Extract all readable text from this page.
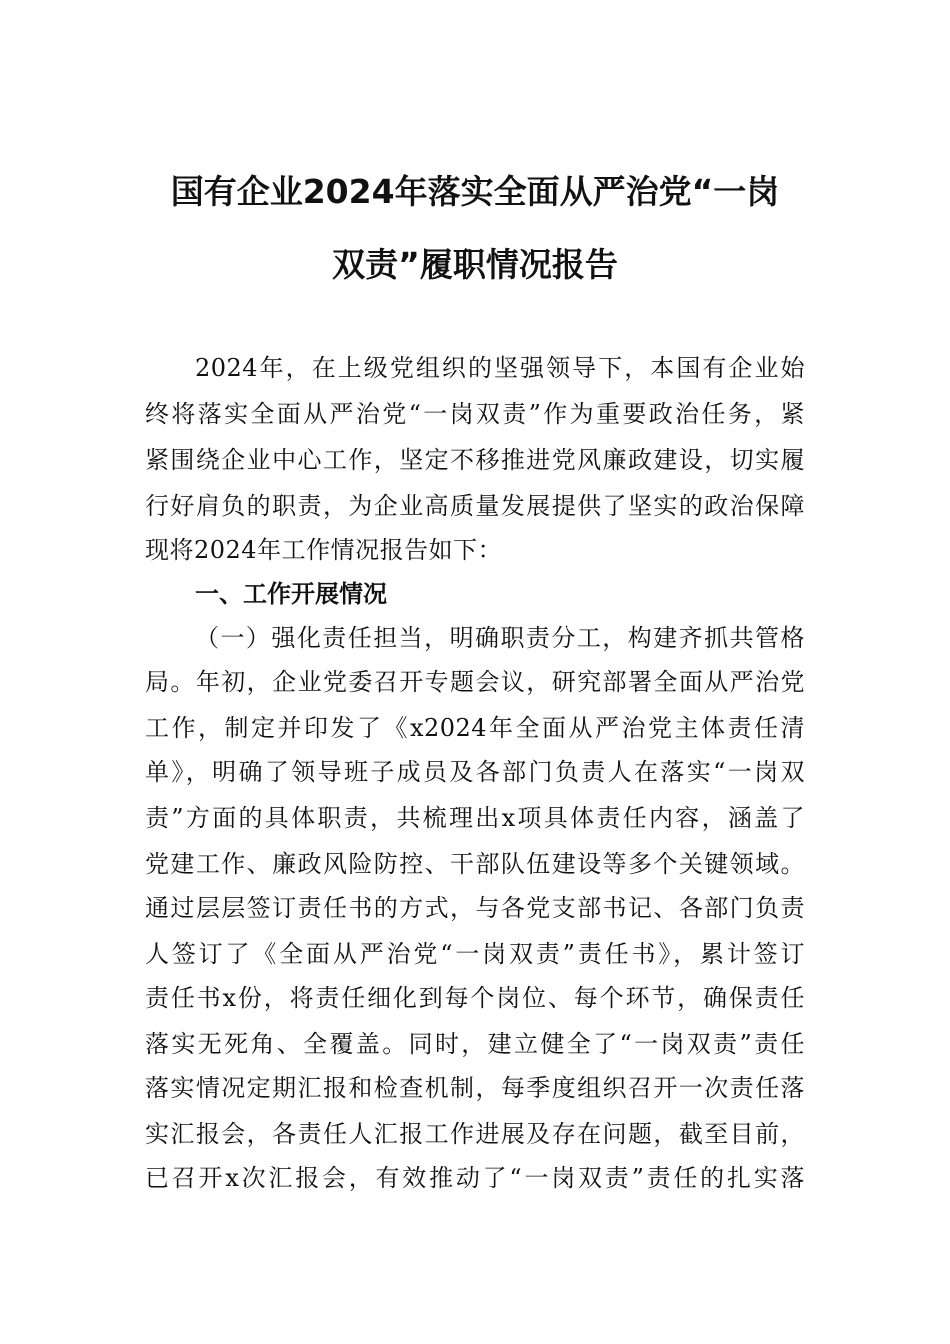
国有企业2024年落实全面从严治党“一岗
双责”履职情况报告

2024年，在上级党组织的坚强领导下，本国有企业始

终将落实全面从严治党“一岗双责”作为重要政治任务，紧

紧围绕企业中心工作，坚定不移推进党风廉政建设，切实履

行好肩负的职责，为企业高质量发展提供了坚实的政治保障

现将2024年工作情况报告如下：

一、工作开展情况

（一）强化责任担当，明确职责分工，构建齐抓共管格

局。年初，企业党委召开专题会议，研究部署全面从严治党

工作，制定并印发了《x2024年全面从严治党主体责任清

单》，明确了领导班子成员及各部门负责人在落实“一岗双

责”方面的具体职责，共梳理出x项具体责任内容，涵盖了

党建工作、廉政风险防控、干部队伍建设等多个关键领域。

通过层层签订责任书的方式，与各党支部书记、各部门负责

人签订了《全面从严治党“一岗双责”责任书》，累计签订

责任书x份，将责任细化到每个岗位、每个环节，确保责任

落实无死角、全覆盖。同时，建立健全了“一岗双责”责任

落实情况定期汇报和检查机制，每季度组织召开一次责任落

实汇报会，各责任人汇报工作进展及存在问题，截至目前，

已召开x次汇报会，有效推动了“一岗双责”责任的扎实落
